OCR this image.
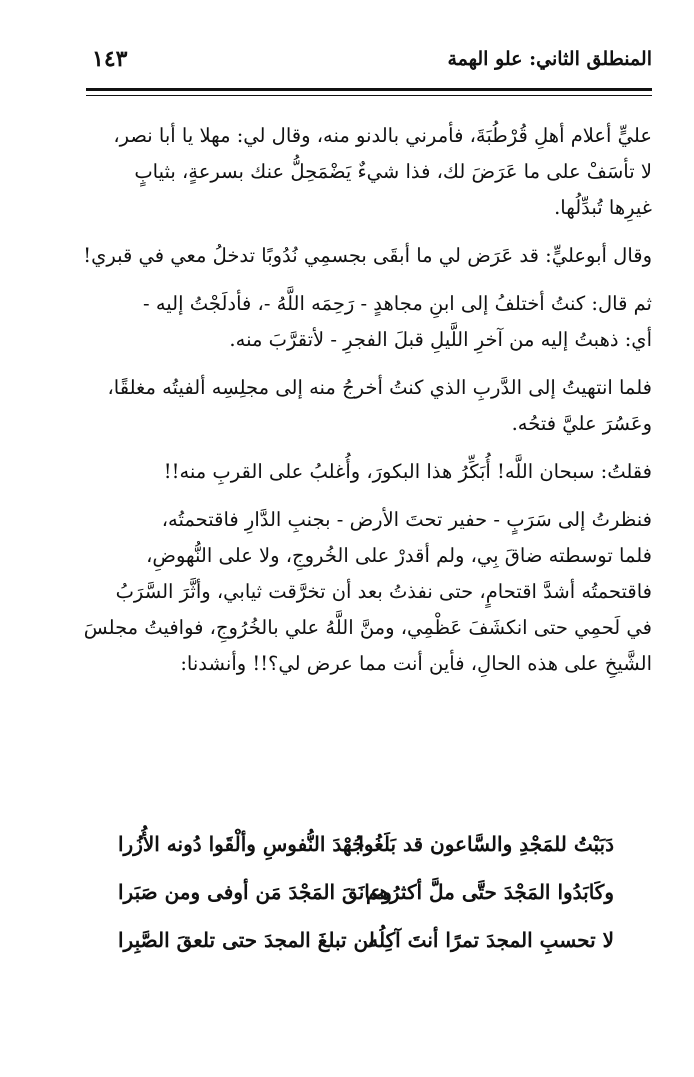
المنطلق الثاني: علو الهمة
١٤٣

عليٍّ أعلام أهلِ قُرْطُبَةَ، فأمرني بالدنو منه، وقال لي: مهلا يا أبا نصر،
لا تأسَفْ على ما عَرَضَ لك، فذا شيءٌ يَضْمَحِلُّ عنك بسرعةٍ، بثيابٍ
غيرِها تُبدِّلُها.

وقال أبوعليٍّ: قد عَرَض لي ما أبقَى بجسمِي نُدُوبًا تدخلُ معي في قبري!

ثم قال: كنتُ أختلفُ إلى ابنِ مجاهدٍ - رَحِمَه اللَّهُ -، فأدلَجْتُ إليه -
أي: ذهبتُ إليه من آخرِ اللَّيلِ قبلَ الفجرِ - لأتقرَّبَ منه.

فلما انتهيتُ إلى الدَّربِ الذي كنتُ أخرجُ منه إلى مجلِسِه ألفيتُه مغلقًا،
وعَسُرَ عليَّ فتحُه.

فقلتُ: سبحان اللَّه! أُبَكِّرُ هذا البكورَ، وأُغلبُ على القربِ منه!!

فنظرتُ إلى سَرَبٍ - حفير تحتَ الأرض - بجنبِ الدَّارِ فاقتحمتُه،
فلما توسطته ضاقَ بِي، ولم أقدرْ على الخُروجِ، ولا على النُّهوضِ،
فاقتحمتُه أشدَّ اقتحامٍ، حتى نفذتُ بعد أن تخرَّقت ثيابي، وأثَّرَ السَّرَبُ
في لَحمِي حتى انكشَفَ عَظْمِي، ومنَّ اللَّهُ علي بالخُرُوجِ، فوافيتُ مجلسَ
الشَّيخِ على هذه الحالِ، فأين أنت مما عرض لي؟!! وأنشدنا:

دَبَبْتُ للمَجْدِ والسَّاعون قد بَلَغُوا
جُهْدَ النُّفوسِ وألْقَوا دُونه الأُزُرا
وكَابَدُوا المَجْدَ حتَّى ملَّ أكثرُهم
وعانَقَ المَجْدَ مَن أوفى ومن صَبَرا
لا تحسبِ المجدَ تمرًا أنتَ آكِلُه
لن تبلغَ المجدَ حتى تلعقَ الصَّبِرا
